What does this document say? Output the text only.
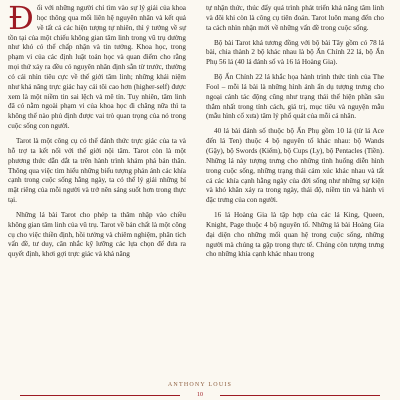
Đối với những người chỉ tìm vào sự lý giải của khoa học thông qua mối liên hệ nguyên nhân và kết quả về tất cả các hiện tượng tự nhiên, thì ý tưởng về sự tồn tại của một chiếu không gian tâm linh trong vũ trụ dường như khó có thể chấp nhận và tin tưởng. Khoa học, trong phạm vi của các định luật toán học và quan điểm cho rằng mọi thứ xảy ra đều có nguyên nhân định sẵn từ trước, thường có cái nhìn tiêu cực về thế giới tâm linh; những khái niệm như khả năng trực giác hay cái tôi cao hơn (higher-self) được xem là một niềm tin sai lệch và mê tín. Tuy nhiên, tâm linh đã có nằm ngoài phạm vi của khoa học đi chăng nữa thì ta không thể nào phủ định được vai trò quan trọng của nó trong cuộc sống con người.

Tarot là một công cụ có thể đánh thức trực giác của ta và hỗ trợ ta kết nối với thế giới nội tâm. Tarot còn là một phương thức dẫn dắt ta trên hành trình khám phá bản thân. Thông qua việc tìm hiểu những biểu tượng phản ánh các khía cạnh trong cuộc sống hằng ngày, ta có thể lý giải những bí mật riêng của mỗi người và trở nên sáng suốt hơn trong thực tại.

Những lá bài Tarot cho phép ta thâm nhập vào chiều không gian tâm linh của vũ trụ. Tarot về bản chất là một công cụ cho việc thiền định, hồi tưởng và chiêm nghiệm, phân tích vấn đề, tư duy, cân nhắc kỹ lưỡng các lựa chọn để đưa ra quyết định, khơi gợi trực giác và khả năng

tự nhận thức, thúc đẩy quá trình phát triển khả năng tâm linh và đôi khi còn là công cụ tiên đoán. Tarot luôn mang đến cho ta cách nhìn nhận mới về những vấn đề trong cuộc sống.

Bộ bài Tarot khá tương đồng với bộ bài Tây gồm có 78 lá bài, chia thành 2 bộ khác nhau là bộ Ẩn Chính 22 lá, bộ Ẩn Phụ 56 lá (40 lá đánh số và 16 lá Hoàng Gia).

Bộ Ẩn Chính 22 lá khắc họa hành trình thức tỉnh của The Fool – mỗi lá bài là những hình ảnh ẩn dụ tượng trưng cho ngoại cảnh tác động cũng như trạng thái thể hiện phần sâu thẳm nhất trong tính cách, giá trị, mục tiêu và nguyện mẫu (mẫu hình cổ xưa) tâm lý phổ quát của mỗi cá nhân.

40 lá bài đánh số thuộc bộ Ẩn Phụ gồm 10 lá (từ lá Ace đến lá Ten) thuộc 4 bộ nguyên tố khác nhau: bộ Wands (Gậy), bộ Swords (Kiếm), bộ Cups (Ly), bộ Pentacles (Tiền). Những lá này tượng trưng cho những tình huống diễn hình trong cuộc sống, những trạng thái cảm xúc khác nhau và tất cả các khía cạnh hằng ngày của đời sống như những sự kiện và khó khăn xảy ra trong ngày, thái độ, niềm tin và hành vi đặc trưng của con người.

16 lá Hoàng Gia là tập hợp của các lá King, Queen, Knight, Page thuộc 4 bộ nguyên tố. Những lá bài Hoàng Gia đại diện cho những mối quan hệ trong cuộc sống, những người mà chúng ta gặp trong thực tế. Chúng còn tượng trưng cho những khía cạnh khác nhau trong

ANTHONY LOUIS
10
